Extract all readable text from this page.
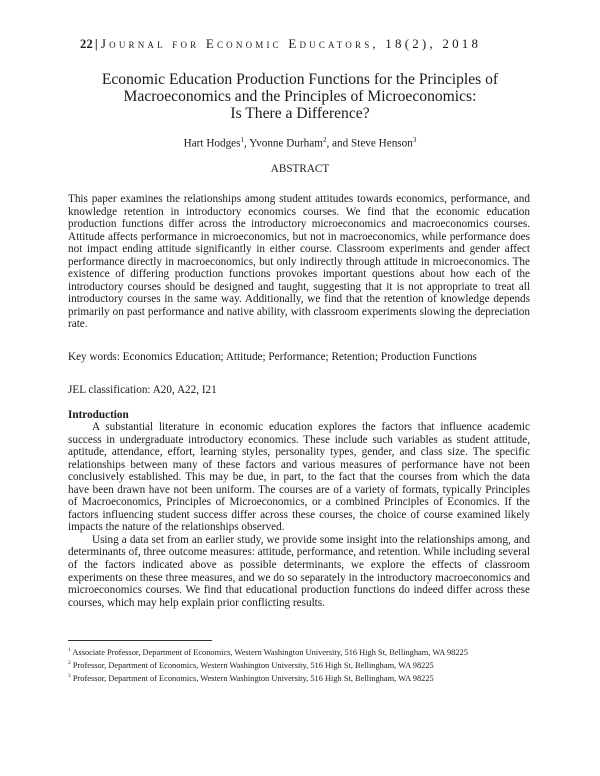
22 | Journal for Economic Educators, 18(2), 2018
Economic Education Production Functions for the Principles of
Macroeconomics and the Principles of Microeconomics:
Is There a Difference?
Hart Hodges$^1$, Yvonne Durham$^2$, and Steve Henson$^3$
ABSTRACT
This paper examines the relationships among student attitudes towards economics, performance, and knowledge retention in introductory economics courses. We find that the economic education production functions differ across the introductory microeconomics and macroeconomics courses. Attitude affects performance in microeconomics, but not in macroeconomics, while performance does not impact ending attitude significantly in either course. Classroom experiments and gender affect performance directly in macroeconomics, but only indirectly through attitude in microeconomics. The existence of differing production functions provokes important questions about how each of the introductory courses should be designed and taught, suggesting that it is not appropriate to treat all introductory courses in the same way. Additionally, we find that the retention of knowledge depends primarily on past performance and native ability, with classroom experiments slowing the depreciation rate.
Key words: Economics Education; Attitude; Performance; Retention; Production Functions
JEL classification: A20, A22, I21
Introduction

A substantial literature in economic education explores the factors that influence academic success in undergraduate introductory economics. These include such variables as student attitude, aptitude, attendance, effort, learning styles, personality types, gender, and class size. The specific relationships between many of these factors and various measures of performance have not been conclusively established. This may be due, in part, to the fact that the courses from which the data have been drawn have not been uniform. The courses are of a variety of formats, typically Principles of Macroeconomics, Principles of Microeconomics, or a combined Principles of Economics. If the factors influencing student success differ across these courses, the choice of course examined likely impacts the nature of the relationships observed.

Using a data set from an earlier study, we provide some insight into the relationships among, and determinants of, three outcome measures: attitude, performance, and retention. While including several of the factors indicated above as possible determinants, we explore the effects of classroom experiments on these three measures, and we do so separately in the introductory macroeconomics and microeconomics courses. We find that educational production functions do indeed differ across these courses, which may help explain prior conflicting results.

$^1$ Associate Professor, Department of Economics, Western Washington University, 516 High St, Bellingham, WA 98225
$^2$ Professor, Department of Economics, Western Washington University, 516 High St, Bellingham, WA 98225
$^3$ Professor, Department of Economics, Western Washington University, 516 High St, Bellingham, WA 98225
